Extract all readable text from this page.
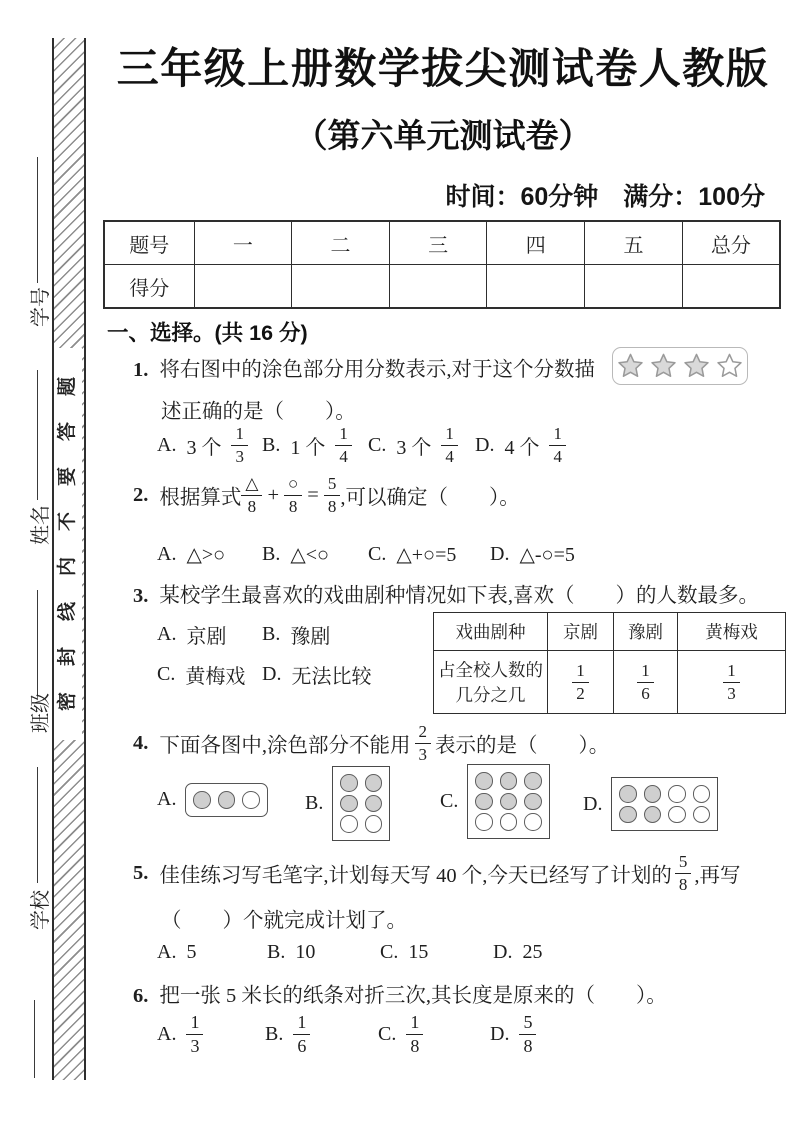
学号
姓名
班级
学校
密封线内不要答题
三年级上册数学拔尖测试卷人教版
（第六单元测试卷）
时间：60分钟　满分：100分
题号	一	二	三	四	五	总分
得分						
一、选择。(共 16 分)
1. 将右图中的涂色部分用分数表示,对于这个分数描
述正确的是（　　）。
A. 3 个 $\frac{1}{3} B$. 1 个 $\frac{1}{4} C$. 3 个 $\frac{1}{4} D$. 4 个 $\frac{1}{4}$
2. 根据算式 $\frac{\triangle}{8} + \frac{○}{8} = \frac{5}{8}$ ,可以确定（　　）。
A. △>○ B. △<○ C. △+○=5 D. △-○=5
3. 某校学生最喜欢的戏曲剧种情况如下表,喜欢（　　）的人数最多。
A. 京剧 B. 豫剧
C. 黄梅戏 D. 无法比较
戏曲剧种	京剧	豫剧	黄梅戏

占全校人数的
几分之几	$\frac{1}{2}$	$\frac{1}{6}$	$\frac{1}{3}$
4. 下面各图中,涂色部分不能用 $\frac{2}{3}$ 表示的是（　　）。
A.	B.	C.	D.
5. 佳佳练习写毛笔字,计划每天写 40 个,今天已经写了计划的 $\frac{5}{8}$ ,再写
（　　）个就完成计划了。
A. 5	B. 10	C. 15	D. 25
6. 把一张 5 米长的纸条对折三次,其长度是原来的（　　）。
A. $\frac{1}{3}$	B. $\frac{1}{6}$	C. $\frac{1}{8}$	D. $\frac{5}{8}$
